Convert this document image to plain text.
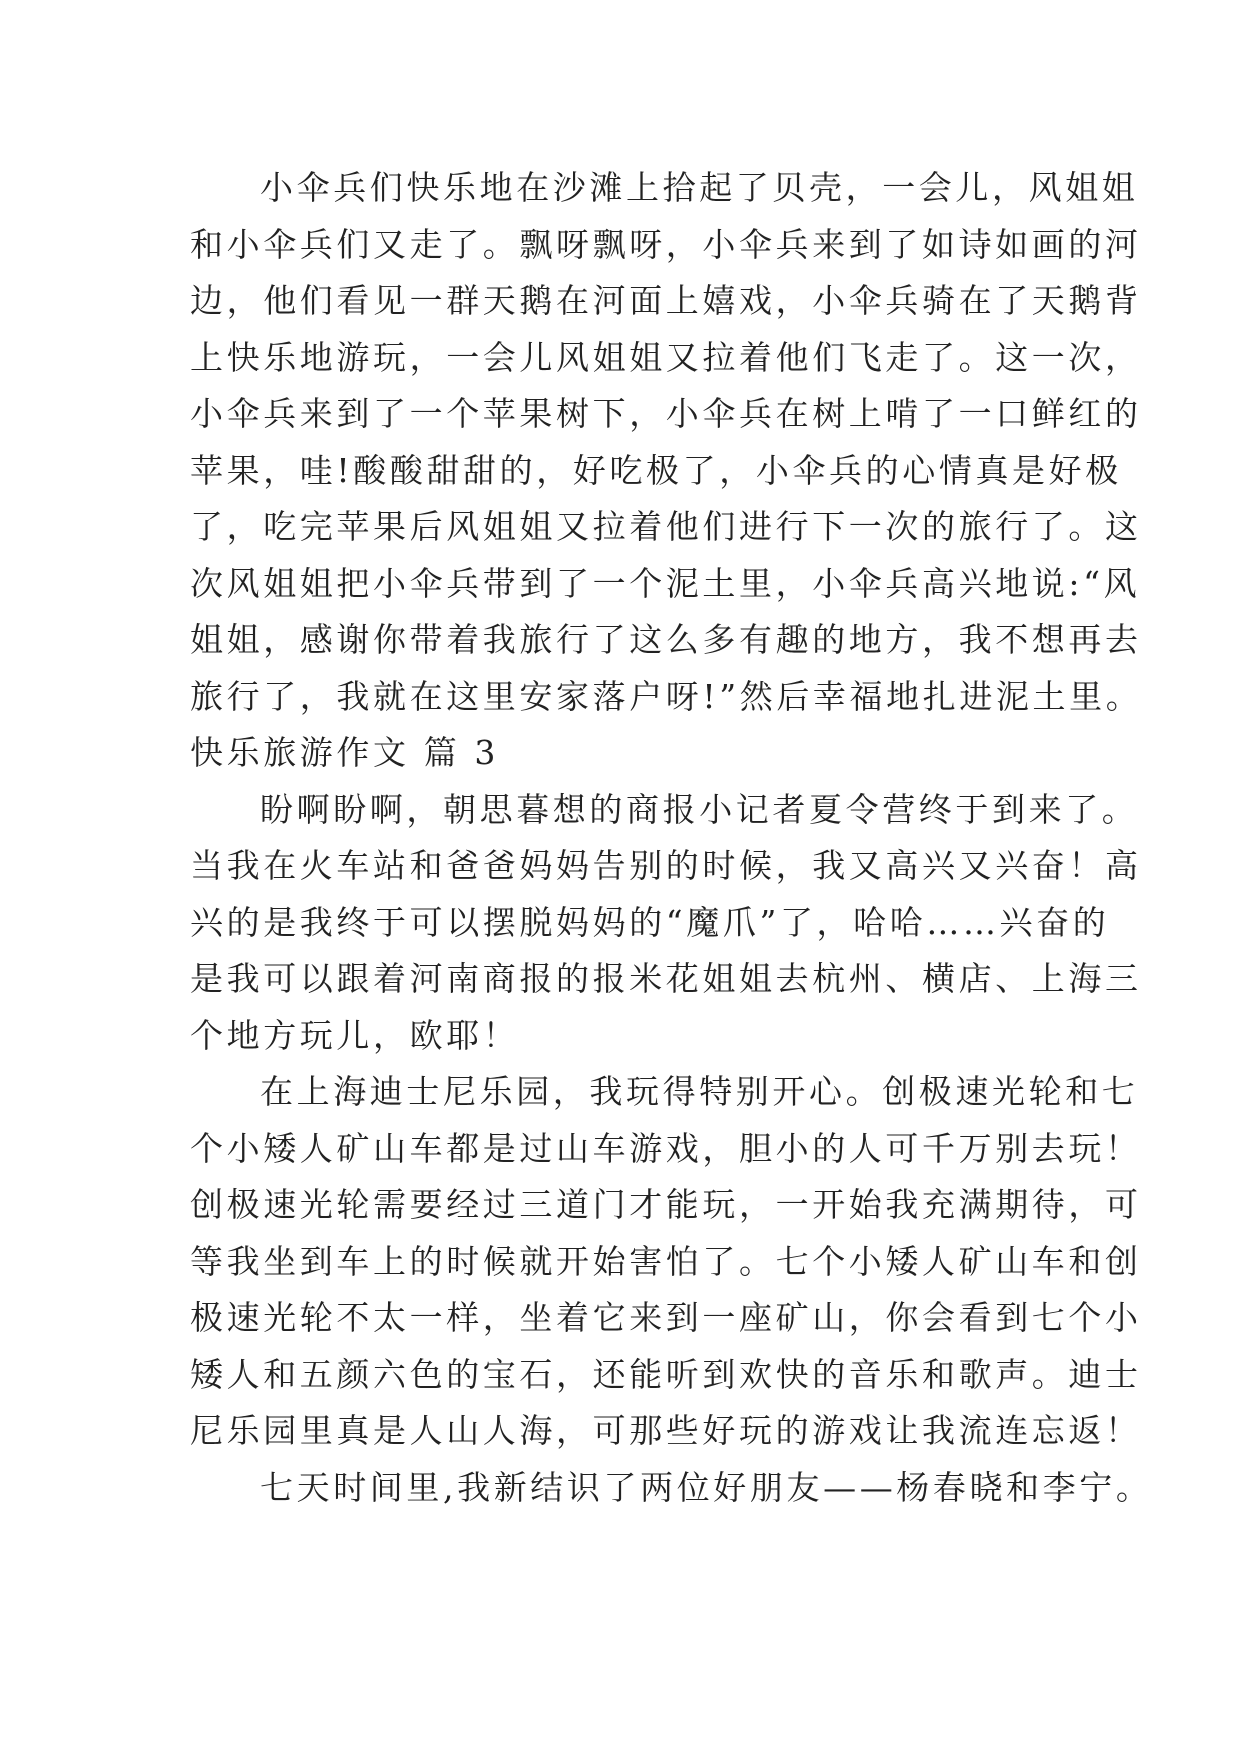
小伞兵们快乐地在沙滩上拾起了贝壳，一会儿，风姐姐
和小伞兵们又走了。飘呀飘呀，小伞兵来到了如诗如画的河
边，他们看见一群天鹅在河面上嬉戏，小伞兵骑在了天鹅背
上快乐地游玩，一会儿风姐姐又拉着他们飞走了。这一次，
小伞兵来到了一个苹果树下，小伞兵在树上啃了一口鲜红的
苹果，哇!酸酸甜甜的，好吃极了，小伞兵的心情真是好极
了，吃完苹果后风姐姐又拉着他们进行下一次的旅行了。这
次风姐姐把小伞兵带到了一个泥土里，小伞兵高兴地说:“风
姐姐，感谢你带着我旅行了这么多有趣的地方，我不想再去
旅行了，我就在这里安家落户呀!”然后幸福地扎进泥土里。
快乐旅游作文 篇 3
盼啊盼啊，朝思暮想的商报小记者夏令营终于到来了。
当我在火车站和爸爸妈妈告别的时候，我又高兴又兴奋！高
兴的是我终于可以摆脱妈妈的“魔爪”了，哈哈……兴奋的
是我可以跟着河南商报的报米花姐姐去杭州、横店、上海三
个地方玩儿，欧耶！
在上海迪士尼乐园，我玩得特别开心。创极速光轮和七
个小矮人矿山车都是过山车游戏，胆小的人可千万别去玩！
创极速光轮需要经过三道门才能玩，一开始我充满期待，可
等我坐到车上的时候就开始害怕了。七个小矮人矿山车和创
极速光轮不太一样，坐着它来到一座矿山，你会看到七个小
矮人和五颜六色的宝石，还能听到欢快的音乐和歌声。迪士
尼乐园里真是人山人海，可那些好玩的游戏让我流连忘返！
七天时间里,我新结识了两位好朋友——杨春晓和李宁。
